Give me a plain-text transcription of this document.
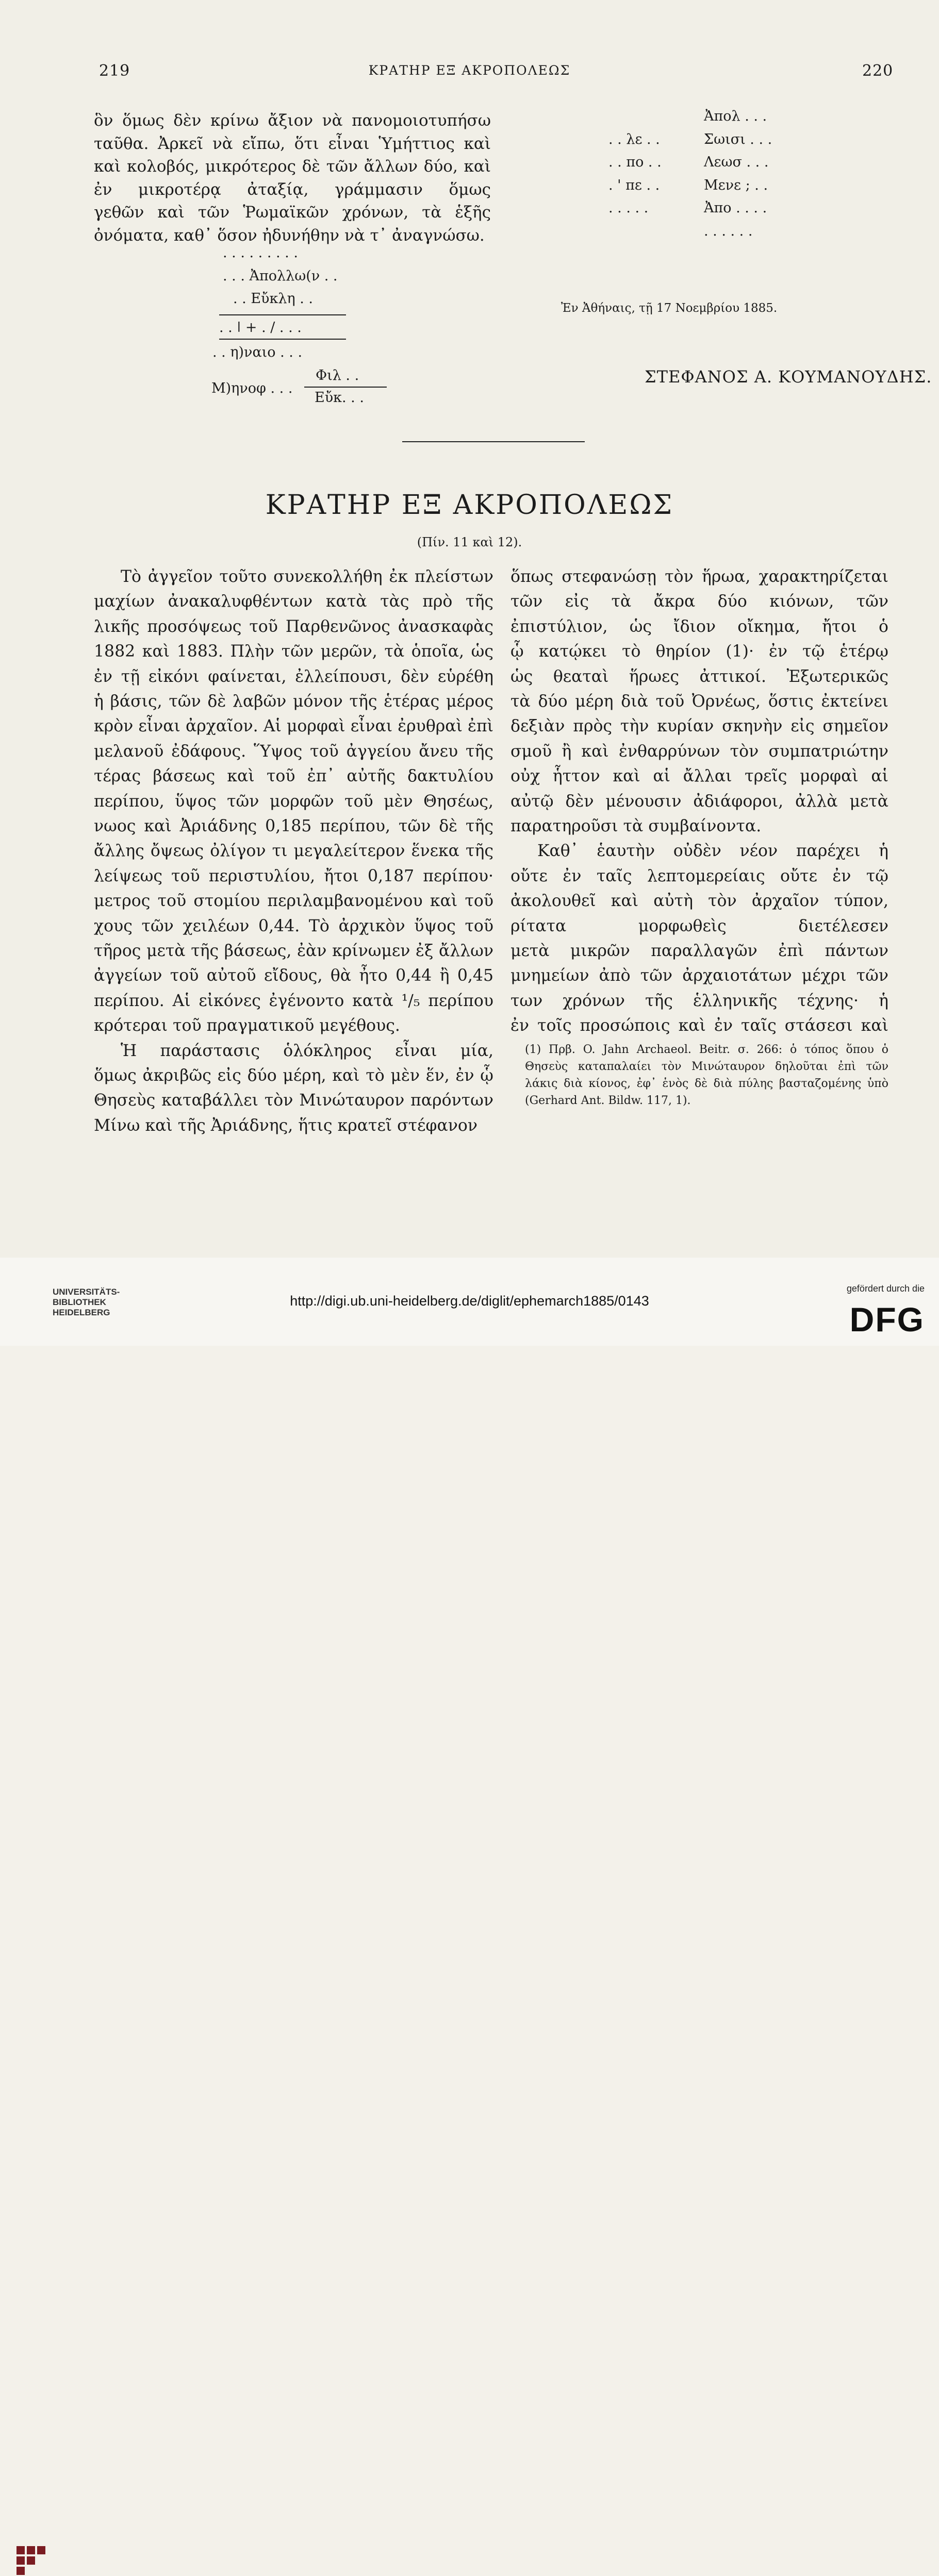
219	ΚΡΑΤΗΡ ΕΞ ΑΚΡΟΠΟΛΕΩΣ	220
ὃν ὅμως δὲν κρίνω ἄξιον νὰ πανομοιοτυπήσω
ταῦθα. Ἀρκεῖ νὰ εἴπω, ὅτι εἶναι Ὑμήττιος καὶ
καὶ κολοβός, μικρότερος δὲ τῶν ἄλλων δύο, καὶ
ἐν μικροτέρᾳ ἀταξίᾳ, γράμμασιν ὅμως
γεθῶν καὶ τῶν Ῥωμαϊκῶν χρόνων, τὰ ἑξῆς
ὀνόματα, καθ᾽ ὅσον ἠδυνήθην νὰ τ᾽ ἀναγνώσω.
. . . . . . . . .
. . . Ἀπολλω(ν . .
. . Εὔκλη . .
. . ǀ + . / . . .
. . η)ναιο . . .
Μ)ηνοφ . . .
Φιλ . .
Εὔκ. . .
. . λε . .
. . πο . .
. ' πε . .
. . . . .
Ἀπολ . . .
Σωισι . . .
Λεωσ . . .
Μενε ; . .
Ἀπο . . . .
. . . . . .
Ἐν Ἀθήναις, τῇ 17 Νοεμβρίου 1885.
ΣΤΕΦΑΝΟΣ Α. ΚΟΥΜΑΝΟΥΔΗΣ.
ΚΡΑΤΗΡ ΕΞ ΑΚΡΟΠΟΛΕΩΣ
(Πίν. 11 καὶ 12).
Τὸ ἀγγεῖον τοῦτο συνεκολλήθη ἐκ πλείστων
μαχίων ἀνακαλυφθέντων κατὰ τὰς πρὸ τῆς
λικῆς προσόψεως τοῦ Παρθενῶνος ἀνασκαφὰς
1882 καὶ 1883. Πλὴν τῶν μερῶν, τὰ ὁποῖα, ὡς
ἐν τῇ εἰκόνι φαίνεται, ἐλλείπουσι, δὲν εὑρέθη
ἡ βάσις, τῶν δὲ λαβῶν μόνον τῆς ἑτέρας μέρος
κρὸν εἶναι ἀρχαῖον. Αἱ μορφαὶ εἶναι ἐρυθραὶ ἐπὶ
μελανοῦ ἐδάφους. Ὕψος τοῦ ἀγγείου ἄνευ τῆς
τέρας βάσεως καὶ τοῦ ἐπ᾽ αὐτῆς δακτυλίου
περίπου, ὕψος τῶν μορφῶν τοῦ μὲν Θησέως,
νωος καὶ Ἀριάδνης 0,185 περίπου, τῶν δὲ τῆς
ἄλλης ὄψεως ὀλίγον τι μεγαλείτερον ἕνεκα τῆς
λείψεως τοῦ περιστυλίου, ἤτοι 0,187 περίπου·
μετρος τοῦ στομίου περιλαμβανομένου καὶ τοῦ
χους τῶν χειλέων 0,44. Τὸ ἀρχικὸν ὕψος τοῦ
τῆρος μετὰ τῆς βάσεως, ἐὰν κρίνωμεν ἐξ ἄλλων
ἀγγείων τοῦ αὐτοῦ εἴδους, θὰ ἦτο 0,44 ἢ 0,45
περίπου. Αἱ εἰκόνες ἐγένοντο κατὰ ¹/₅ περίπου
κρότεραι τοῦ πραγματικοῦ μεγέθους.
Ἡ παράστασις ὁλόκληρος εἶναι μία,
ὅμως ἀκριβῶς εἰς δύο μέρη, καὶ τὸ μὲν ἕν, ἐν ᾧ
Θησεὺς καταβάλλει τὸν Μινώταυρον παρόντων
Μίνω καὶ τῆς Ἀριάδνης, ἥτις κρατεῖ στέφανον
ὅπως στεφανώσῃ τὸν ἥρωα, χαρακτηρίζεται
τῶν εἰς τὰ ἄκρα δύο κιόνων, τῶν
ἐπιστύλιον, ὡς ἴδιον οἴκημα, ἤτοι ὁ
ᾧ κατῴκει τὸ θηρίον (1)· ἐν τῷ ἑτέρῳ
ὡς θεαταὶ ἥρωες ἀττικοί. Ἐξωτερικῶς
τὰ δύο μέρη διὰ τοῦ Ὀρνέως, ὅστις ἐκτείνει
δεξιὰν πρὸς τὴν κυρίαν σκηνὴν εἰς σημεῖον
σμοῦ ἢ καὶ ἐνθαρρύνων τὸν συμπατριώτην
οὐχ ἧττον καὶ αἱ ἄλλαι τρεῖς μορφαὶ αἱ
αὐτῷ δὲν μένουσιν ἀδιάφοροι, ἀλλὰ μετὰ
παρατηροῦσι τὰ συμβαίνοντα.
Καθ᾽ ἑαυτὴν οὐδὲν νέον παρέχει ἡ
οὔτε ἐν ταῖς λεπτομερείαις οὔτε ἐν τῷ
ἀκολουθεῖ καὶ αὐτὴ τὸν ἀρχαῖον τύπον,
ρίτατα μορφωθεὶς διετέλεσεν
μετὰ μικρῶν παραλλαγῶν ἐπὶ πάντων
μνημείων ἀπὸ τῶν ἀρχαιοτάτων μέχρι τῶν
των χρόνων τῆς ἑλληνικῆς τέχνης· ἡ
ἐν τοῖς προσώποις καὶ ἐν ταῖς στάσεσι καὶ
(1) Πρβ. O. Jahn Archaeol. Beitr. σ. 266: ὁ τόπος ὅπου ὁ
Θησεὺς καταπαλαίει τὸν Μινώταυρον δηλοῦται ἐπὶ τῶν
λάκις διὰ κίονος, ἐφ᾽ ἑνὸς δὲ διὰ πύλης βασταζομένης ὑπὸ
(Gerhard Ant. Bildw. 117, 1).
UNIVERSITÄTS-
BIBLIOTHEK
HEIDELBERG
http://digi.ub.uni-heidelberg.de/diglit/ephemarch1885/0143
gefördert durch die
DFG
